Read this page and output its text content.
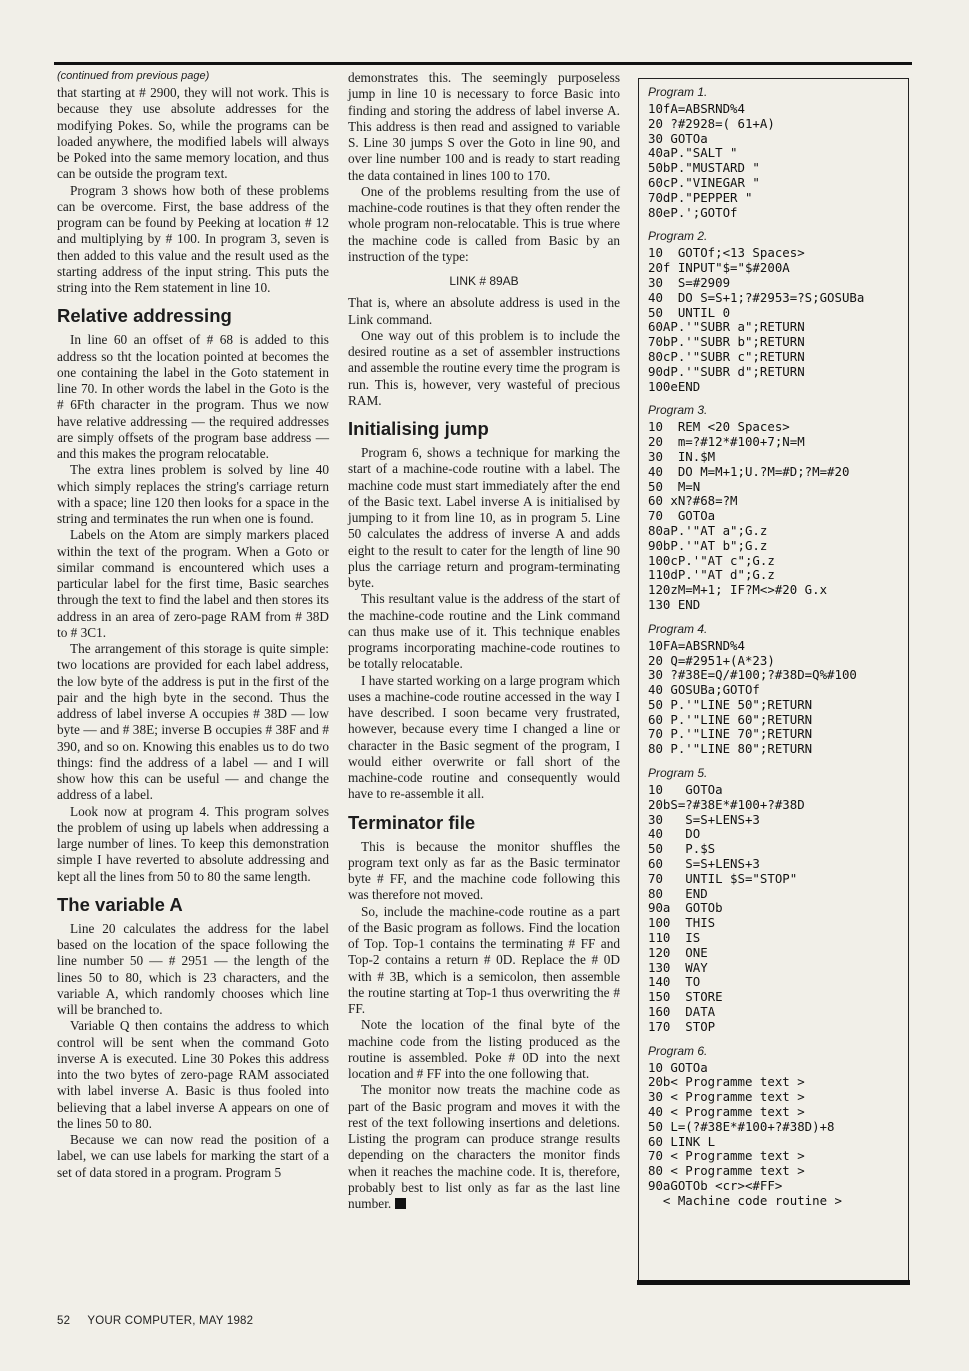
(continued from previous page)

that starting at # 2900, they will not work. This is because they use absolute addresses for the modifying Pokes. So, while the programs can be loaded anywhere, the modified labels will always be Poked into the same memory location, and thus can be outside the program text.

Program 3 shows how both of these problems can be overcome. First, the base address of the program can be found by Peeking at location # 12 and multiplying by # 100. In program 3, seven is then added to this value and the result used as the starting address of the input string. This puts the string into the Rem statement in line 10.

Relative addressing

In line 60 an offset of # 68 is added to this address so tht the location pointed at becomes the one containing the label in the Goto statement in line 70. In other words the label in the Goto is the # 6Fth character in the program. Thus we now have relative addressing — the required addresses are simply offsets of the program base address — and this makes the program relocatable.

The extra lines problem is solved by line 40 which simply replaces the string's carriage return with a space; line 120 then looks for a space in the string and terminates the run when one is found.

Labels on the Atom are simply markers placed within the text of the program. When a Goto or similar command is encountered which uses a particular label for the first time, Basic searches through the text to find the label and then stores its address in an area of zero-page RAM from # 38D to # 3C1.

The arrangement of this storage is quite simple: two locations are provided for each label address, the low byte of the address is put in the first of the pair and the high byte in the second. Thus the address of label inverse A occupies # 38D — low byte — and # 38E; inverse B occupies # 38F and # 390, and so on. Knowing this enables us to do two things: find the address of a label — and I will show how this can be useful — and change the address of a label.

Look now at program 4. This program solves the problem of using up labels when addressing a large number of lines. To keep this demonstration simple I have reverted to absolute addressing and kept all the lines from 50 to 80 the same length.

The variable A

Line 20 calculates the address for the label based on the location of the space following the line number 50 — # 2951 — the length of the lines 50 to 80, which is 23 characters, and the variable A, which randomly chooses which line will be branched to.

Variable Q then contains the address to which control will be sent when the command Goto inverse A is executed. Line 30 Pokes this address into the two bytes of zero-page RAM associated with label inverse A. Basic is thus fooled into believing that a label inverse A appears on one of the lines 50 to 80.

Because we can now read the position of a label, we can use labels for marking the start of a set of data stored in a program. Program 5

demonstrates this. The seemingly purposeless jump in line 10 is necessary to force Basic into finding and storing the address of label inverse A. This address is then read and assigned to variable S. Line 30 jumps S over the Goto in line 90, and over line number 100 and is ready to start reading the data contained in lines 100 to 170.

One of the problems resulting from the use of machine-code routines is that they often render the whole program non-relocatable. This is true where the machine code is called from Basic by an instruction of the type:

LINK # 89AB

That is, where an absolute address is used in the Link command.

One way out of this problem is to include the desired routine as a set of assembler instructions and assemble the routine every time the program is run. This is, however, very wasteful of precious RAM.

Initialising jump

Program 6, shows a technique for marking the start of a machine-code routine with a label. The machine code must start immediately after the end of the Basic text. Label inverse A is initialised by jumping to it from line 10, as in program 5. Line 50 calculates the address of inverse A and adds eight to the result to cater for the length of line 90 plus the carriage return and program-terminating byte.

This resultant value is the address of the start of the machine-code routine and the Link command can thus make use of it. This technique enables programs incorporating machine-code routines to be totally relocatable.

I have started working on a large program which uses a machine-code routine accessed in the way I have described. I soon became very frustrated, however, because every time I changed a line or character in the Basic segment of the program, I would either overwrite or fall short of the machine-code routine and consequently would have to re-assemble it all.

Terminator file

This is because the monitor shuffles the program text only as far as the Basic terminator byte # FF, and the machine code following this was therefore not moved.

So, include the machine-code routine as a part of the Basic program as follows. Find the location of Top. Top-1 contains the terminating # FF and Top-2 contains a return # 0D. Replace the # 0D with # 3B, which is a semicolon, then assemble the routine starting at Top-1 thus overwriting the # FF.

Note the location of the final byte of the machine code from the listing produced as the routine is assembled. Poke # 0D into the next location and # FF into the one following that.

The monitor now treats the machine code as part of the Basic program and moves it with the rest of the text following insertions and deletions. Listing the program can produce strange results depending on the characters the monitor finds when it reaches the machine code. It is, therefore, probably best to list only as far as the last line number.

Program 1.
10fA=ABSRND%4
20 ?#2928=( 61+A)
30 GOTOa
40aP."SALT "
50bP."MUSTARD "
60cP."VINEGAR "
70dP."PEPPER "
80eP.';GOTOf
Program 2.
10  GOTOf;<13 Spaces>
20f INPUT"$="$#200A
30  S=#2909
40  DO S=S+1;?#2953=?S;GOSUBa
50  UNTIL 0
60AP.'"SUBR a";RETURN
70bP.'"SUBR b";RETURN
80cP.'"SUBR c";RETURN
90dP.'"SUBR d";RETURN
100eEND
Program 3.
10  REM <20 Spaces>
20  m=?#12*#100+7;N=M
30  IN.$M
40  DO M=M+1;U.?M=#D;?M=#20
50  M=N
60 xN?#68=?M
70  GOTOa
80aP.'"AT a";G.z
90bP.'"AT b";G.z
100cP.'"AT c";G.z
110dP.'"AT d";G.z
120zM=M+1; IF?M<>#20 G.x
130 END
Program 4.
10FA=ABSRND%4
20 Q=#2951+(A*23)
30 ?#38E=Q/#100;?#38D=Q%#100
40 GOSUBa;GOTOf
50 P.'"LINE 50";RETURN
60 P.'"LINE 60";RETURN
70 P.'"LINE 70";RETURN
80 P.'"LINE 80";RETURN
Program 5.
10   GOTOa
20bS=?#38E*#100+?#38D
30   S=S+LENS+3
40   DO
50   P.$S
60   S=S+LENS+3
70   UNTIL $S="STOP"
80   END
90a  GOTOb
100  THIS
110  IS
120  ONE
130  WAY
140  TO
150  STORE
160  DATA
170  STOP
Program 6.
10 GOTOa
20b< Programme text >
30 < Programme text >
40 < Programme text >
50 L=(?#38E*#100+?#38D)+8
60 LINK L
70 < Programme text >
80 < Programme text >
90aGOTOb <cr><#FF>
< Machine code routine >
52 YOUR COMPUTER, MAY 1982
